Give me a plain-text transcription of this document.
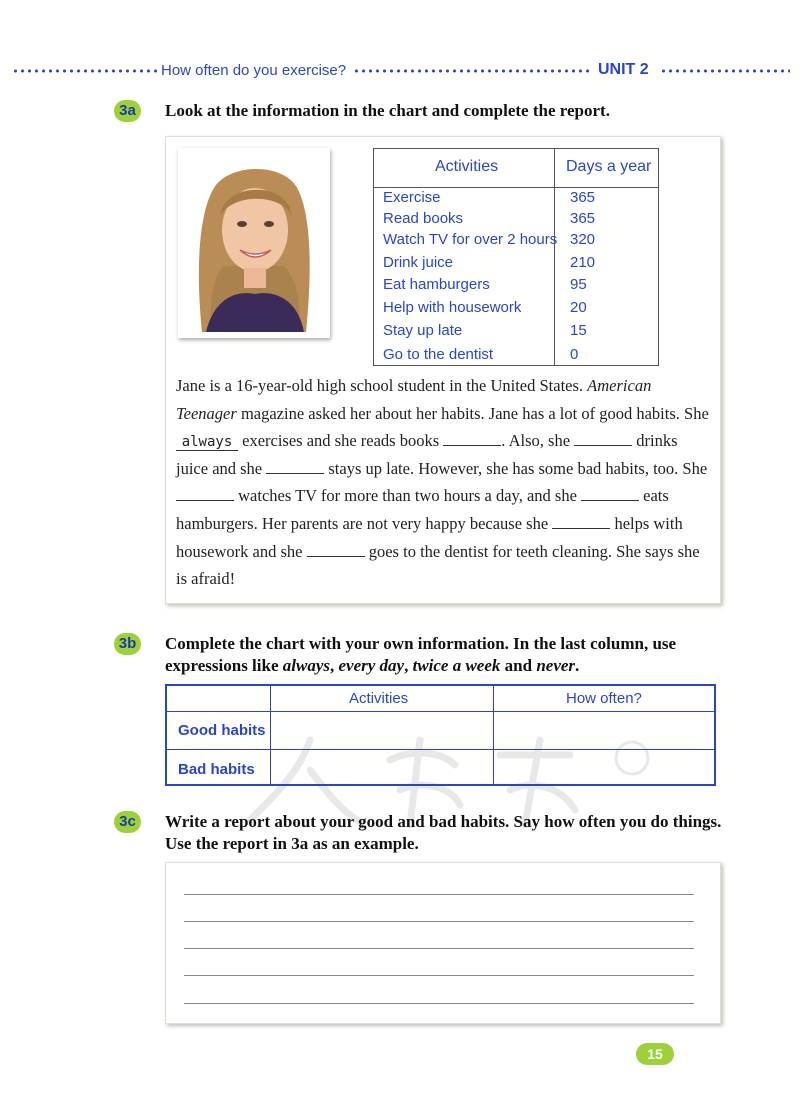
How often do you exercise?	UNIT 2
3a	Look at the information in the chart and complete the report.
Activities	Days a year
Exercise	365
Read books	365
Watch TV for over 2 hours 320
Drink juice	210
Eat hamburgers	95
Help with housework	20
Stay up late	15
Go to the dentist	0

Jane is a 16-year-old high school student in the United States. American Teenager magazine asked her about her habits. Jane has a lot of good habits. She always exercises and she reads books	. Also, she	drinks juice and she	stays up late. However, she has some bad habits, too. She  watches TV for more than two hours a day, and she	eats hamburgers. Her parents are not very happy because she	helps with housework and she	goes to the dentist for teeth cleaning. She says she is afraid!

3b Complete the chart with your own information. In the last column, use expressions like always, every day, twice a week and never.
Activities	How often?
Good habits
Bad habits
3c	Write a report about your good and bad habits. Say how often you do things. Use the report in 3a as an example.
15
